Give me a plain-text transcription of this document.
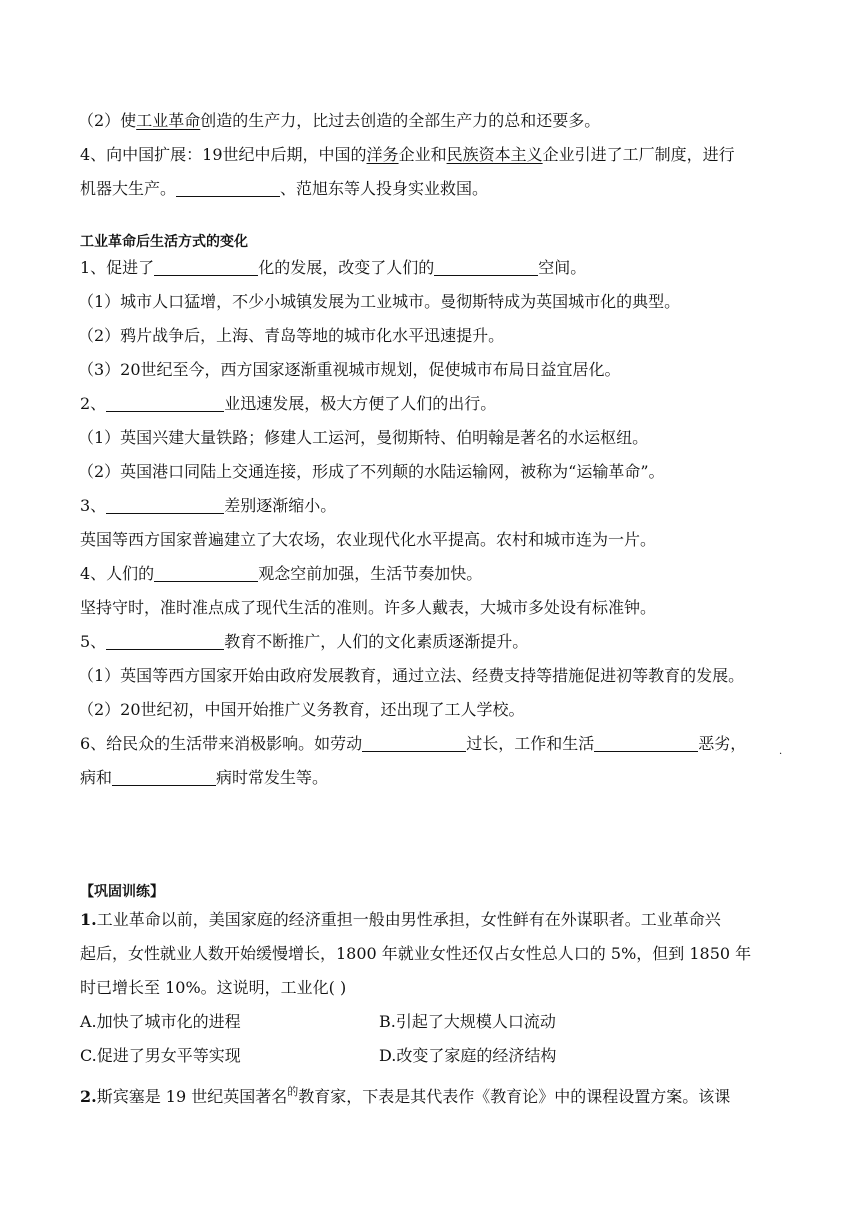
（2）使工业革命创造的生产力，比过去创造的全部生产力的总和还要多。
4、向中国扩展：19世纪中后期，中国的洋务企业和民族资本主义企业引进了工厂制度，进行
机器大生产。	、范旭东等人投身实业救国。
工业革命后生活方式的变化
1、促进了	化的发展，改变了人们的	空间。
（1）城市人口猛增，不少小城镇发展为工业城市。曼彻斯特成为英国城市化的典型。
（2）鸦片战争后，上海、青岛等地的城市化水平迅速提升。
（3）20世纪至今，西方国家逐渐重视城市规划，促使城市布局日益宜居化。
2、	业迅速发展，极大方便了人们的出行。
（1）英国兴建大量铁路；修建人工运河，曼彻斯特、伯明翰是著名的水运枢纽。
（2）英国港口同陆上交通连接，形成了不列颠的水陆运输网，被称为“运输革命”。
3、	差别逐渐缩小。
英国等西方国家普遍建立了大农场，农业现代化水平提高。农村和城市连为一片。
4、人们的	观念空前加强，生活节奏加快。
坚持守时，准时准点成了现代生活的准则。许多人戴表，大城市多处设有标准钟。
5、	教育不断推广，人们的文化素质逐渐提升。
（1）英国等西方国家开始由政府发展教育，通过立法、经费支持等措施促进初等教育的发展。
（2）20世纪初，中国开始推广义务教育，还出现了工人学校。
6、给民众的生活带来消极影响。如劳动	过长，工作和生活	恶劣，	.
病和	病时常发生等。
【巩固训练】
1.工业革命以前，美国家庭的经济重担一般由男性承担，女性鲜有在外谋职者。工业革命兴
起后，女性就业人数开始缓慢增长，1800 年就业女性还仅占女性总人口的 5%，但到 1850 年
时已增长至 10%。这说明，工业化( )
A.加快了城市化的进程	B.引起了大规模人口流动
C.促进了男女平等实现	D.改变了家庭的经济结构
2.斯宾塞是 19 世纪英国著名$^的$教育家，下表是其代表作《教育论》中的课程设置方案。该课
